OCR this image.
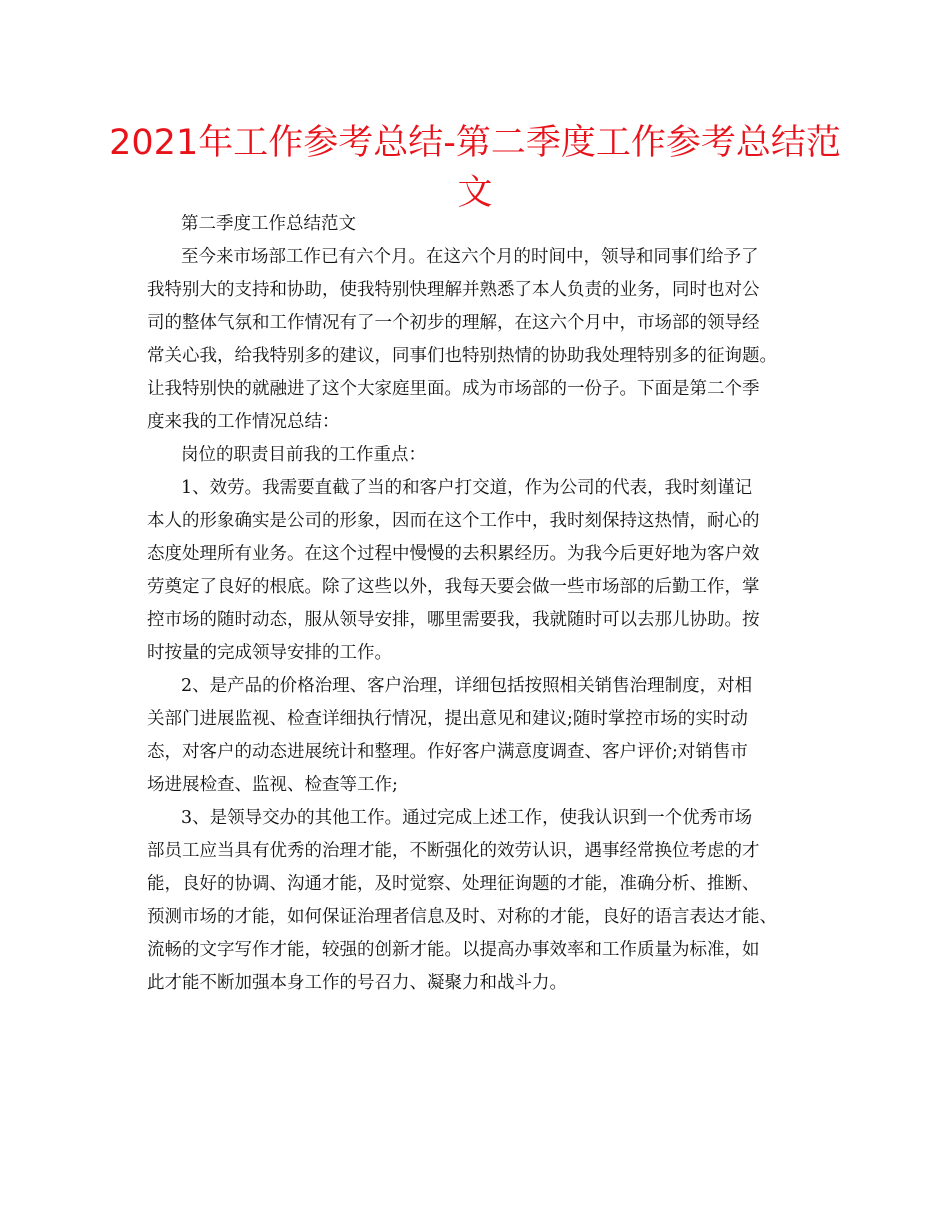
2021年工作参考总结-第二季度工作参考总结范
文
第二季度工作总结范文
至今来市场部工作已有六个月。在这六个月的时间中，领导和同事们给予了
我特别大的支持和协助，使我特别快理解并熟悉了本人负责的业务，同时也对公
司的整体气氛和工作情况有了一个初步的理解，在这六个月中，市场部的领导经
常关心我，给我特别多的建议，同事们也特别热情的协助我处理特别多的征询题。
让我特别快的就融进了这个大家庭里面。成为市场部的一份子。下面是第二个季
度来我的工作情况总结：
岗位的职责目前我的工作重点：
1、效劳。我需要直截了当的和客户打交道，作为公司的代表，我时刻谨记
本人的形象确实是公司的形象，因而在这个工作中，我时刻保持这热情，耐心的
态度处理所有业务。在这个过程中慢慢的去积累经历。为我今后更好地为客户效
劳奠定了良好的根底。除了这些以外，我每天要会做一些市场部的后勤工作，掌
控市场的随时动态，服从领导安排，哪里需要我，我就随时可以去那儿协助。按
时按量的完成领导安排的工作。
2、是产品的价格治理、客户治理，详细包括按照相关销售治理制度，对相
关部门进展监视、检查详细执行情况，提出意见和建议;随时掌控市场的实时动
态，对客户的动态进展统计和整理。作好客户满意度调查、客户评价;对销售市
场进展检查、监视、检查等工作;
3、是领导交办的其他工作。通过完成上述工作，使我认识到一个优秀市场
部员工应当具有优秀的治理才能，不断强化的效劳认识，遇事经常换位考虑的才
能，良好的协调、沟通才能，及时觉察、处理征询题的才能，准确分析、推断、
预测市场的才能，如何保证治理者信息及时、对称的才能，良好的语言表达才能、
流畅的文字写作才能，较强的创新才能。以提高办事效率和工作质量为标准，如
此才能不断加强本身工作的号召力、凝聚力和战斗力。
